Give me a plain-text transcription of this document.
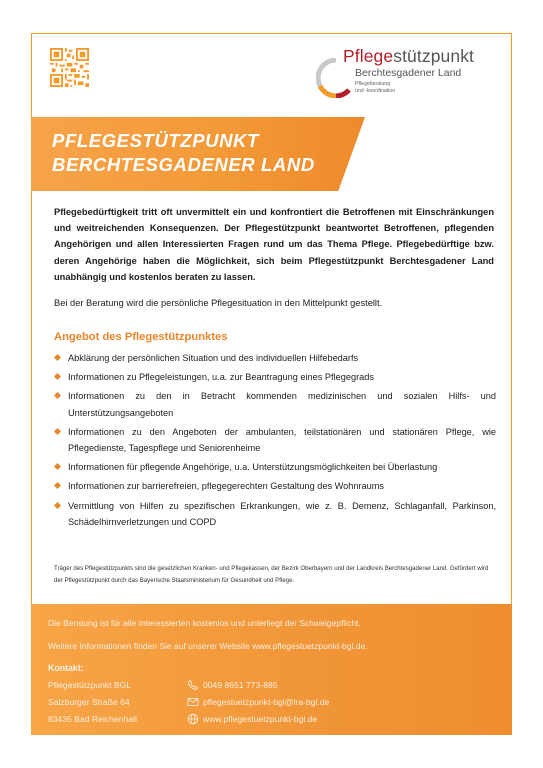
Pflegestützpunkt
Berchtesgadener Land
Pflegeberatung
und -koordination
PFLEGESTÜTZPUNKT
BERCHTESGADENER LAND

Pflegebedürftigkeit tritt oft unvermittelt ein und konfrontiert die Betroffenen mit Einschränkungen und weitreichenden Konsequenzen. Der Pflegestützpunkt beantwortet Betroffenen, pflegenden Angehörigen und allen Interessierten Fragen rund um das Thema Pflege. Pflegebedürftige bzw. deren Angehörige haben die Möglichkeit, sich beim Pflegestützpunkt Berchtesgadener Land unabhängig und kostenlos beraten zu lassen.

Bei der Beratung wird die persönliche Pflegesituation in den Mittelpunkt gestellt.

Angebot des Pflegestützpunktes
Abklärung der persönlichen Situation und des individuellen Hilfebedarfs
Informationen zu Pflegeleistungen, u.a. zur Beantragung eines Pflegegrads
Informationen zu den in Betracht kommenden medizinischen und sozialen Hilfs- und Unterstützungsangeboten
Informationen zu den Angeboten der ambulanten, teilstationären und stationären Pflege, wie Pflegedienste, Tagespflege und Seniorenheime
Informationen für pflegende Angehörige, u.a. Unterstützungsmöglichkeiten bei Überlastung
Informationen zur barrierefreien, pflegegerechten Gestaltung des Wohnraums
Vermittlung von Hilfen zu spezifischen Erkrankungen, wie z. B. Demenz, Schlaganfall, Parkinson, Schädelhirnverletzungen und COPD

Träger des Pflegestützpunkts sind die gesetzlichen Kranken- und Pflegekassen, der Bezirk Oberbayern und der Landkreis Berchtesgadener Land. Gefördert wird der Pflegestützpunkt durch das Bayerische Staatsministerium für Gesundheit und Pflege.

Die Beratung ist für alle Interessierten kostenlos und unterliegt der Schweigepflicht.
Weitere Informationen finden Sie auf unserer Website www.pflegestuetzpunkt-bgl.de.
Kontakt:
Pflegestützpunkt BGL
Salzburger Straße 64
83435 Bad Reichenhall
0049 8651 773-885
pflegestuetzpunkt-bgl@lra-bgl.de
www.pflegestuetzpunkt-bgl.de
